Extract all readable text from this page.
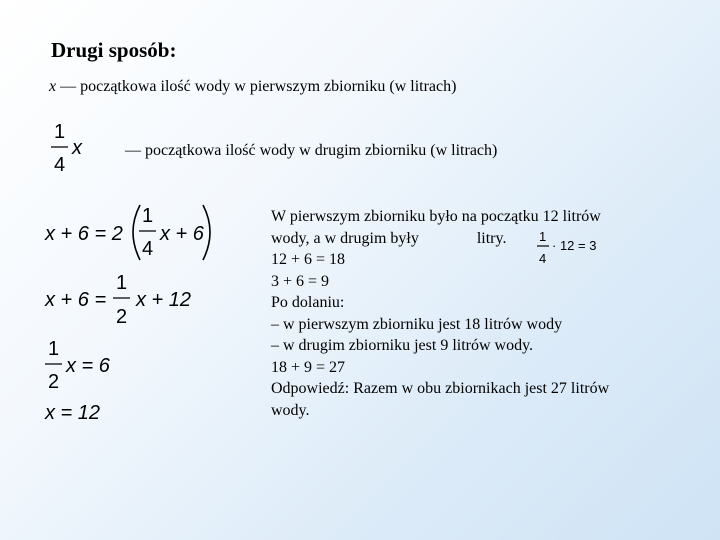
Drugi sposób:
x — początkowa ilość wody w pierwszym zbiorniku (w litrach)
— początkowa ilość wody w drugim zbiorniku (w litrach)
1
4
x
x + 6 = 2
1
4
x + 6
x + 6 =
1
2
x + 12
1
2
x = 6
x = 12
1
4
· 12 = 3
W pierwszym zbiorniku było na początku 12 litrów
wody, a w drugim były	litry.
12 + 6 = 18
3 + 6 = 9
Po dolaniu:
– w pierwszym zbiorniku jest 18 litrów wody
– w drugim zbiorniku jest 9 litrów wody.
18 + 9 = 27
Odpowiedź: Razem w obu zbiornikach jest 27 litrów
wody.
